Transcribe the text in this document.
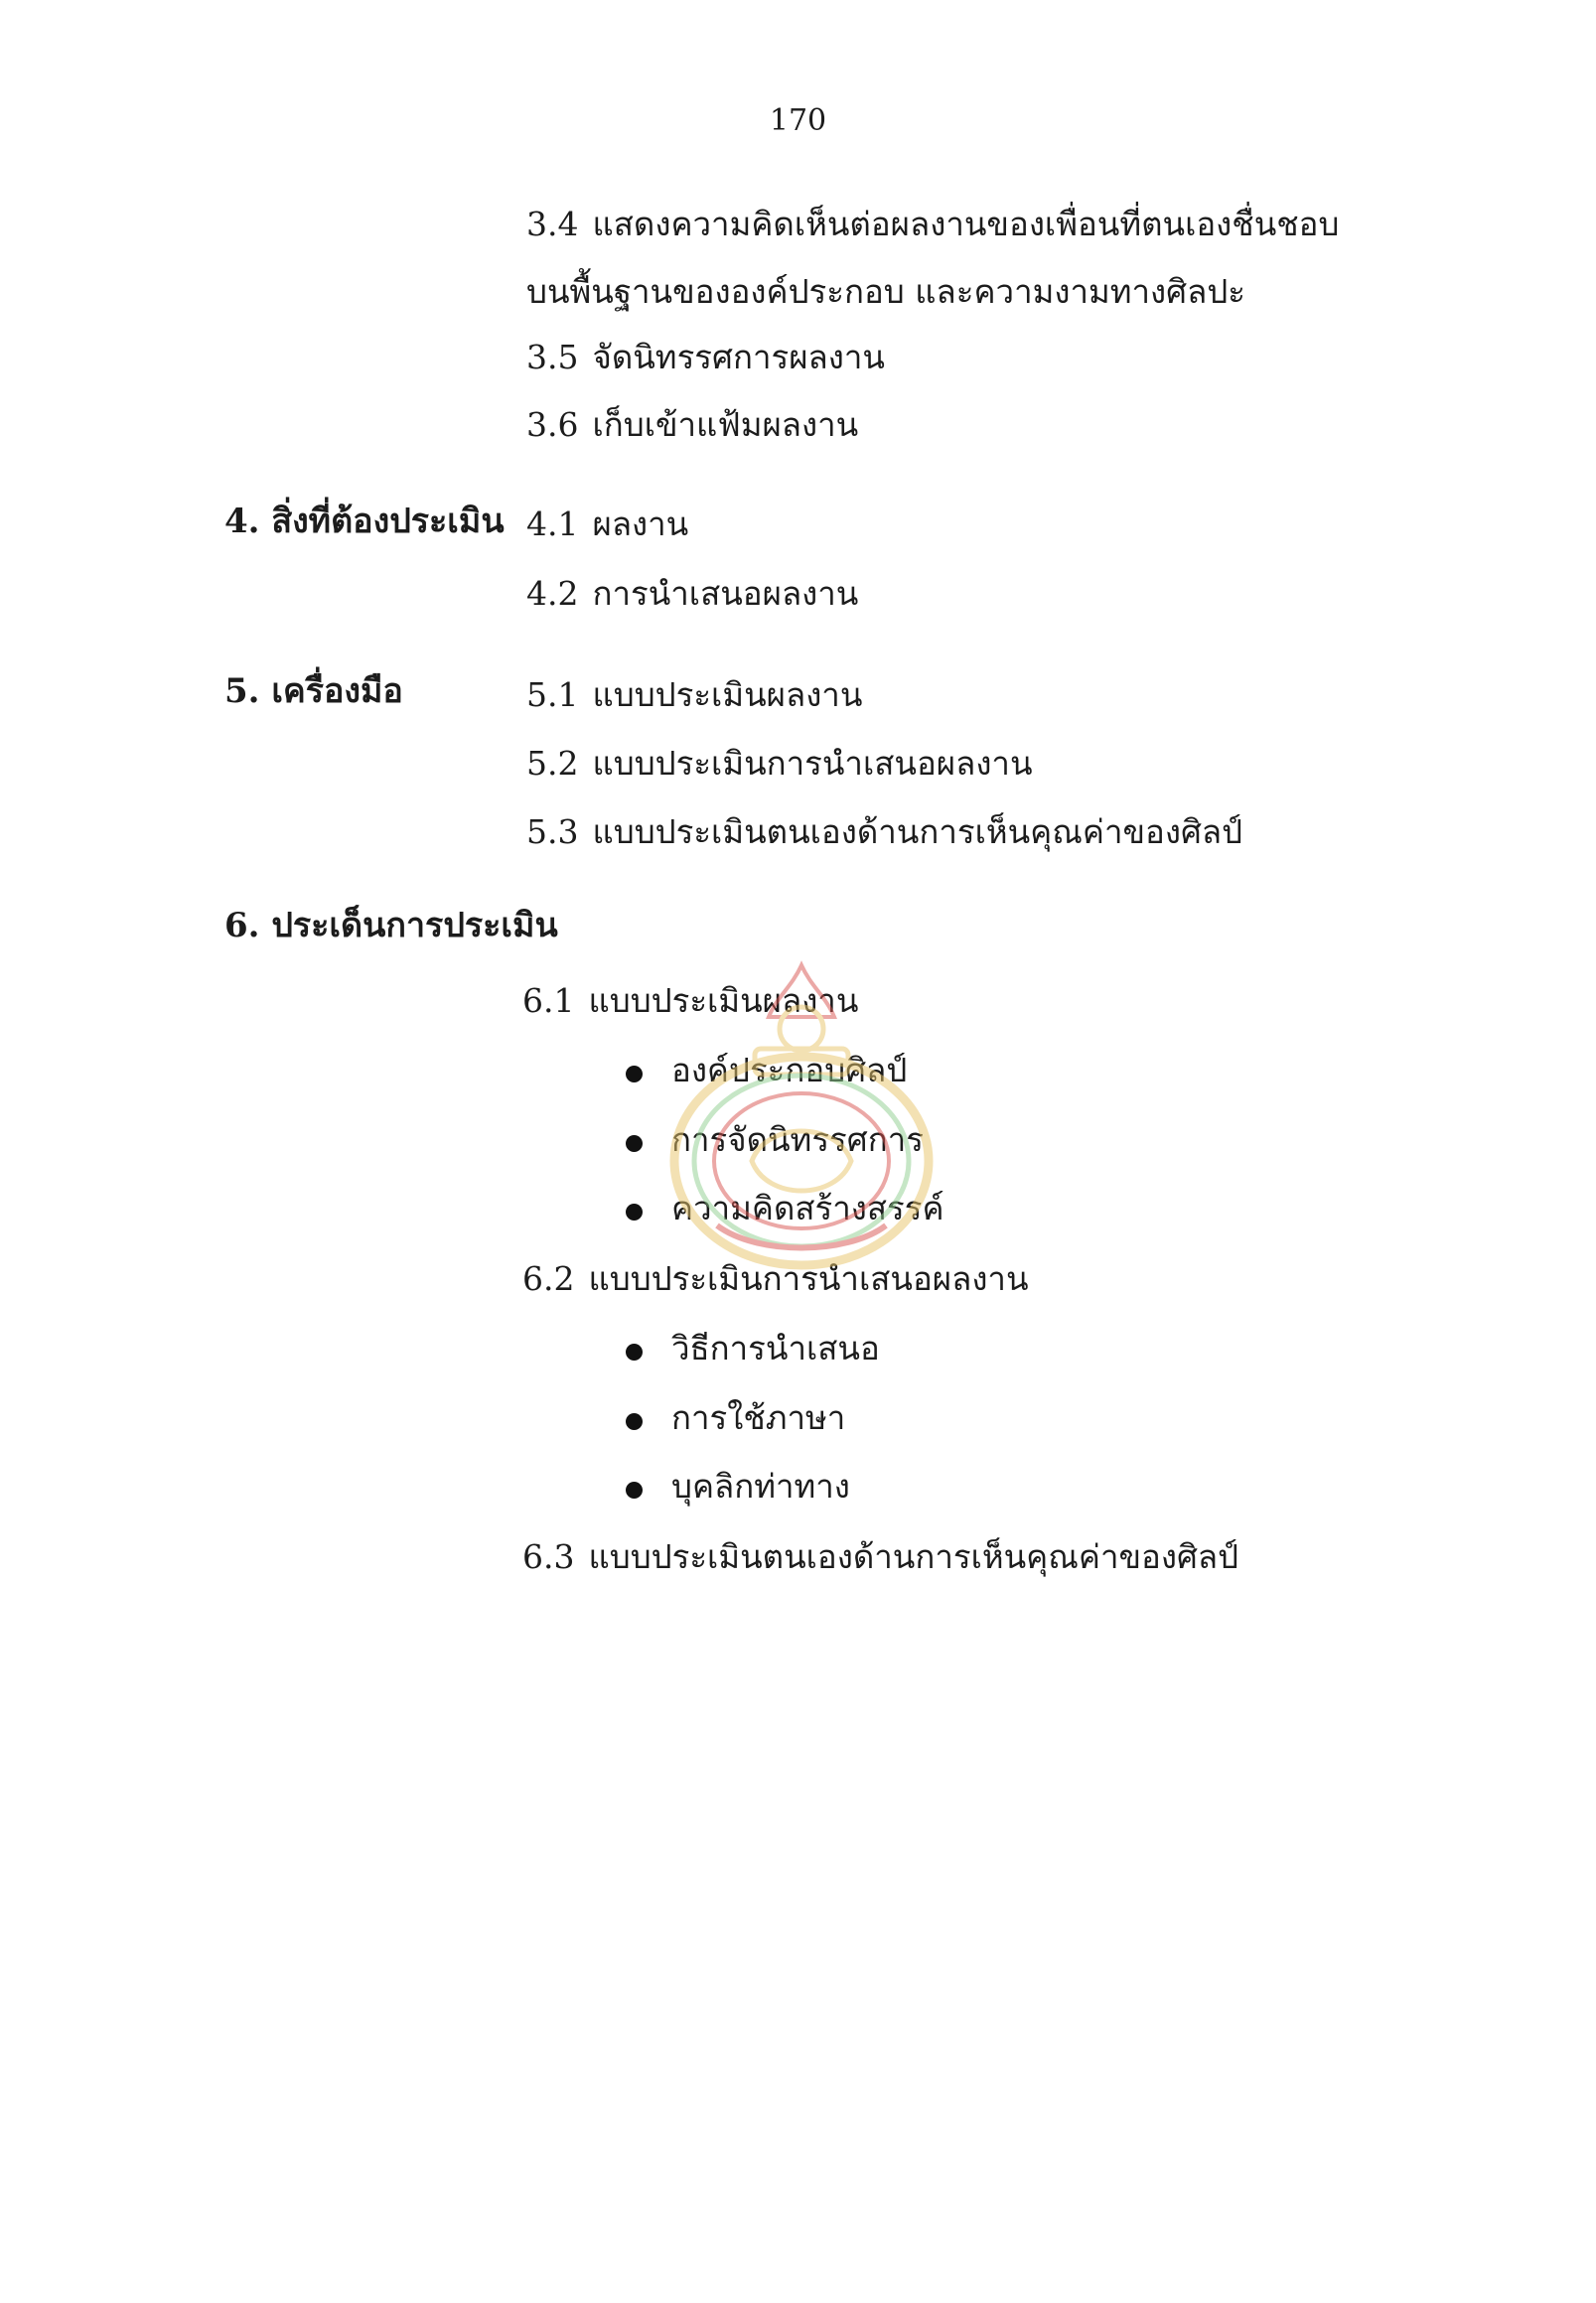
170
3.4 แสดงความคิดเห็นต่อผลงานของเพื่อนที่ตนเองชื่นชอบ
บนพื้นฐานขององค์ประกอบ และความงามทางศิลปะ
3.5 จัดนิทรรศการผลงาน
3.6 เก็บเข้าแฟ้มผลงาน
4. สิ่งที่ต้องประเมิน 4.1 ผลงาน
4.2 การนำเสนอผลงาน
5. เครื่องมือ	5.1 แบบประเมินผลงาน
5.2 แบบประเมินการนำเสนอผลงาน
5.3 แบบประเมินตนเองด้านการเห็นคุณค่าของศิลป์
6. ประเด็นการประเมิน
6.1 แบบประเมินผลงาน
องค์ประกอบศิลป์
การจัดนิทรรศการ
ความคิดสร้างสรรค์
6.2 แบบประเมินการนำเสนอผลงาน
วิธีการนำเสนอ
การใช้ภาษา
บุคลิกท่าทาง
6.3 แบบประเมินตนเองด้านการเห็นคุณค่าของศิลป์
